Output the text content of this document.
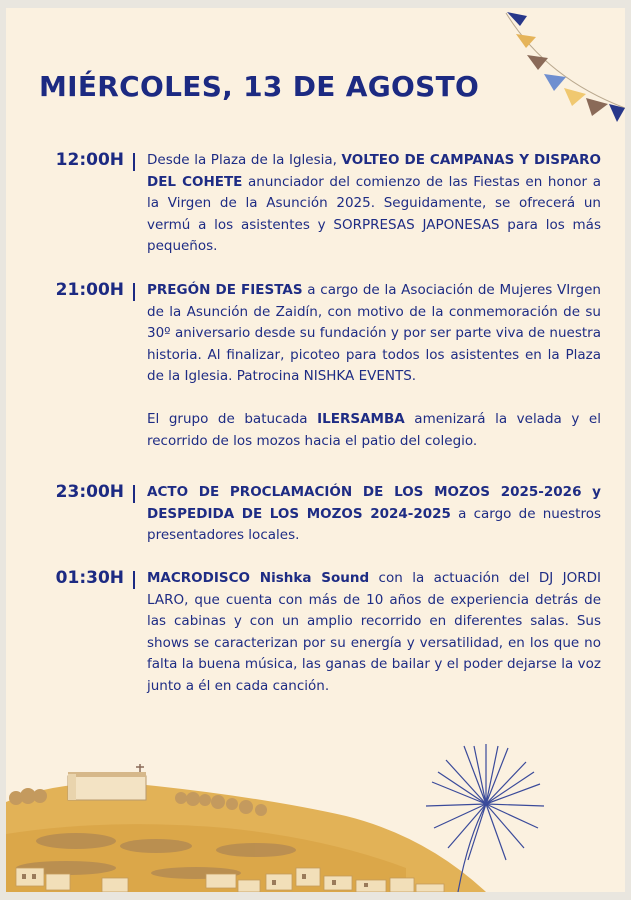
MIÉRCOLES, 13 DE AGOSTO
12:00H Desde la Plaza de la Iglesia, VOLTEO DE CAMPANAS Y DISPARO DEL COHETE anunciador del comienzo de las Fiestas en honor a la Virgen de la Asunción 2025. Seguidamente, se ofrecerá un vermú a los asistentes y SORPRESAS JAPONESAS para los más pequeños.

21:00H PREGÓN DE FIESTAS a cargo de la Asociación de Mujeres VIrgen de la Asunción de Zaidín, con motivo de la conmemoración de su 30º aniversario desde su fundación y por ser parte viva de nuestra historia. Al finalizar, picoteo para todos los asistentes en la Plaza de la Iglesia. Patrocina NISHKA EVENTS.

El grupo de batucada ILERSAMBA amenizará la velada y el recorrido de los mozos hacia el patio del colegio.

23:00H ACTO DE PROCLAMACIÓN DE LOS MOZOS 2025-2026 y DESPEDIDA DE LOS MOZOS 2024-2025 a cargo de nuestros presentadores locales.

01:30H MACRODISCO Nishka Sound con la actuación del DJ JORDI LARO, que cuenta con más de 10 años de experiencia detrás de las cabinas y con un amplio recorrido en diferentes salas. Sus shows se caracterizan por su energía y versatilidad, en los que no falta la buena música, las ganas de bailar y el poder dejarse la voz junto a él en cada canción.
